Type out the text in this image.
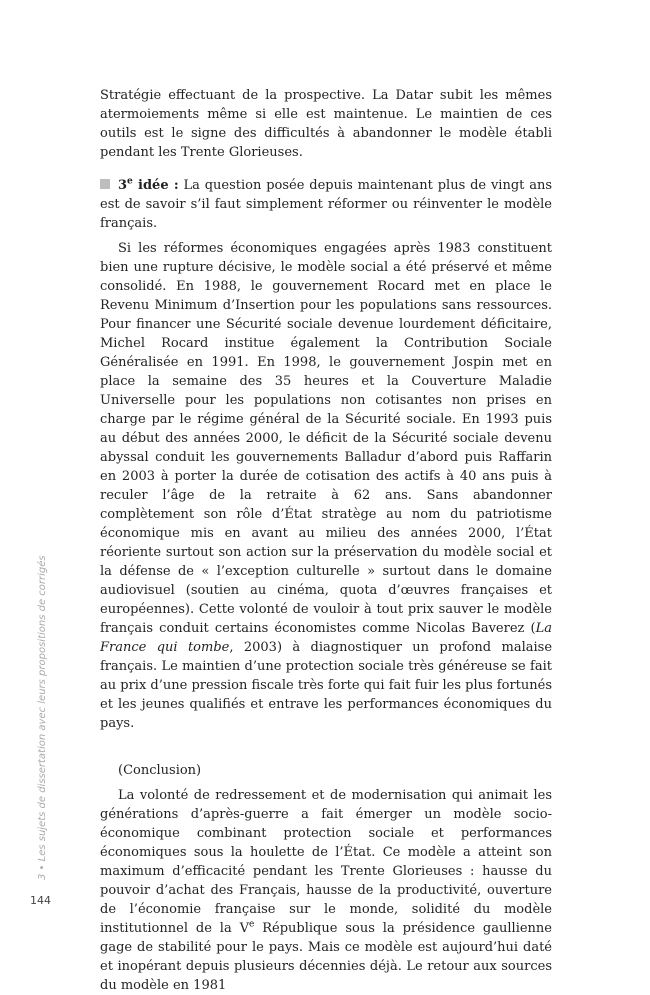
Stratégie effectuant de la prospective. La Datar subit les mêmes atermoiements même si elle est maintenue. Le maintien de ces outils est le signe des difficultés à abandonner le modèle établi pendant les Trente Glorieuses.

3e idée : La question posée depuis maintenant plus de vingt ans est de savoir s’il faut simplement réformer ou réinventer le modèle français.

Si les réformes économiques engagées après 1983 constituent bien une rupture décisive, le modèle social a été préservé et même consolidé. En 1988, le gouvernement Rocard met en place le Revenu Minimum d’Insertion pour les populations sans ressources. Pour financer une Sécurité sociale devenue lourdement déficitaire, Michel Rocard institue également la Contribution Sociale Généralisée en 1991. En 1998, le gouvernement Jospin met en place la semaine des 35 heures et la Couverture Maladie Universelle pour les populations non cotisantes non prises en charge par le régime général de la Sécurité sociale. En 1993 puis au début des années 2000, le déficit de la Sécurité sociale devenu abyssal conduit les gouvernements Balladur d’abord puis Raffarin en 2003 à porter la durée de cotisation des actifs à 40 ans puis à reculer l’âge de la retraite à 62 ans. Sans abandonner complètement son rôle d’État stratège au nom du patriotisme économique mis en avant au milieu des années 2000, l’État réoriente surtout son action sur la préservation du modèle social et la défense de « l’exception culturelle » surtout dans le domaine audiovisuel (soutien au cinéma, quota d’œuvres françaises et européennes). Cette volonté de vouloir à tout prix sauver le modèle français conduit certains économistes comme Nicolas Baverez (La France qui tombe, 2003) à diagnostiquer un profond malaise français. Le maintien d’une protection sociale très généreuse se fait au prix d’une pression fiscale très forte qui fait fuir les plus fortunés et les jeunes qualifiés et entrave les performances économiques du pays.

(Conclusion)

La volonté de redressement et de modernisation qui animait les générations d’après-guerre a fait émerger un modèle socio-économique combinant protection sociale et performances économiques sous la houlette de l’État. Ce modèle a atteint son maximum d’efficacité pendant les Trente Glorieuses : hausse du pouvoir d’achat des Français, hausse de la productivité, ouverture de l’économie française sur le monde, solidité du modèle institutionnel de la Ve République sous la présidence gaullienne gage de stabilité pour le pays. Mais ce modèle est aujourd’hui daté et inopérant depuis plusieurs décennies déjà. Le retour aux sources du modèle en 1981

3 • Les sujets de dissertation avec leurs propositions de corrigés
144
